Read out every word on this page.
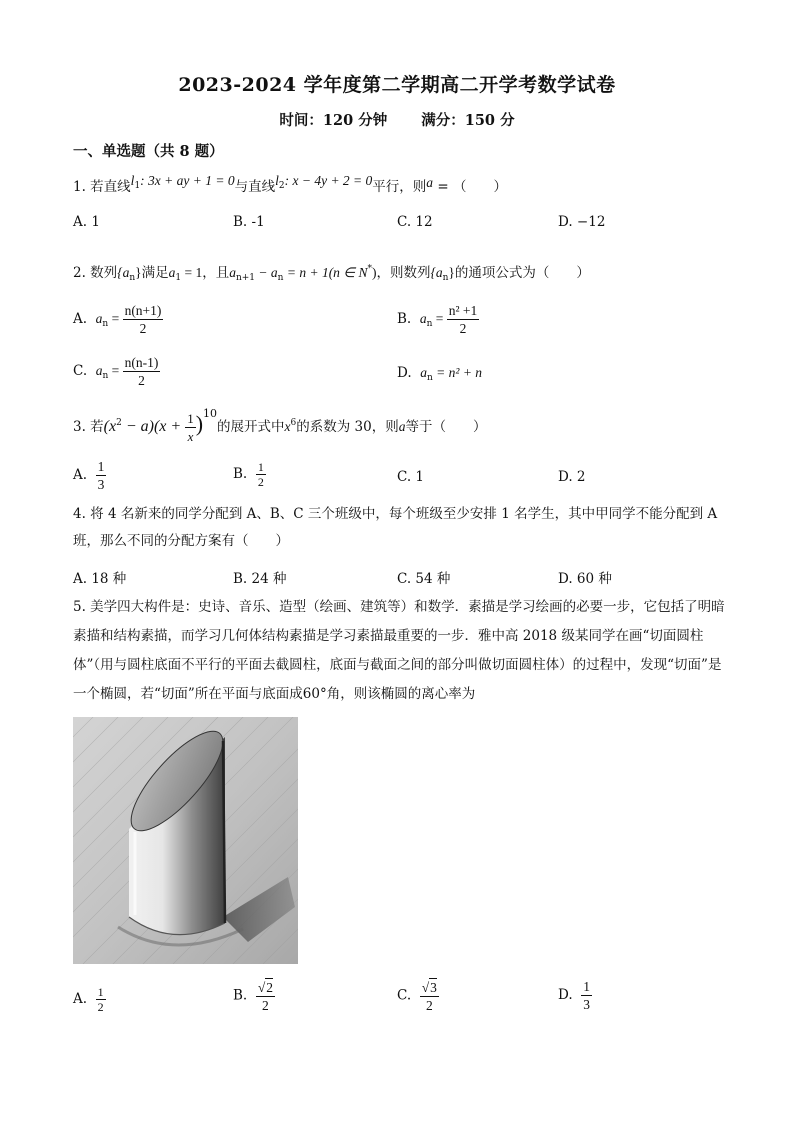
2023-2024 学年度第二学期高二开学考数学试卷
时间：120 分钟 满分：150 分
一、单选题（共 8 题）
1. 若直线$l_1$: 3x + ay + 1 = 0与直线$l_2$: x − 4y + 2 = 0平行，则a = （　　）
A. 1	B. -1	C. 12	D. −12
2. 数列$\{a_n\}$满足$a_1 = 1$，且$a_{n+1} - a_n = n + 1(n$ ∈ N*)，则数列$\{a_n\}$的通项公式为（　　）
A. $a_n = \frac{n(n+1)}{2}$	B. $a_n = \frac{\text{n² +1}}{2}$
C. $a_n = \frac{n(n-1)}{2}$	D. $a_n = n^2 + n$
3. 若$(x^2 - a)(x + \frac{1}{x} )^{10}$的展开式中$x^6$的系数为 30，则a等于（　　）
A. $\frac{1}{3}$	B. $\frac{1}{2}$	C. 1	D. 2
4. 将 4 名新来的同学分配到 A、B、C 三个班级中，每个班级至少安排 1 名学生，其中甲同学不能分配到 A 班，那么不同的分配方案有（　　）
A. 18 种	B. 24 种	C. 54 种	D. 60 种
5. 美学四大构件是：史诗、音乐、造型（绘画、建筑等）和数学．素描是学习绘画的必要一步，它包括了明暗素描和结构素描，而学习几何体结构素描是学习素描最重要的一步．雅中高 2018 级某同学在画“切面圆柱体”（用与圆柱底面不平行的平面去截圆柱，底面与截面之间的部分叫做切面圆柱体）的过程中，发现“切面”是一个椭圆，若“切面”所在平面与底面成60°角，则该椭圆的离心率为
A. $\frac{1}{2}$	B. $\frac{√2}{2}$	C. $\frac{√3}{2}$	D. $\frac{1}{3}$
